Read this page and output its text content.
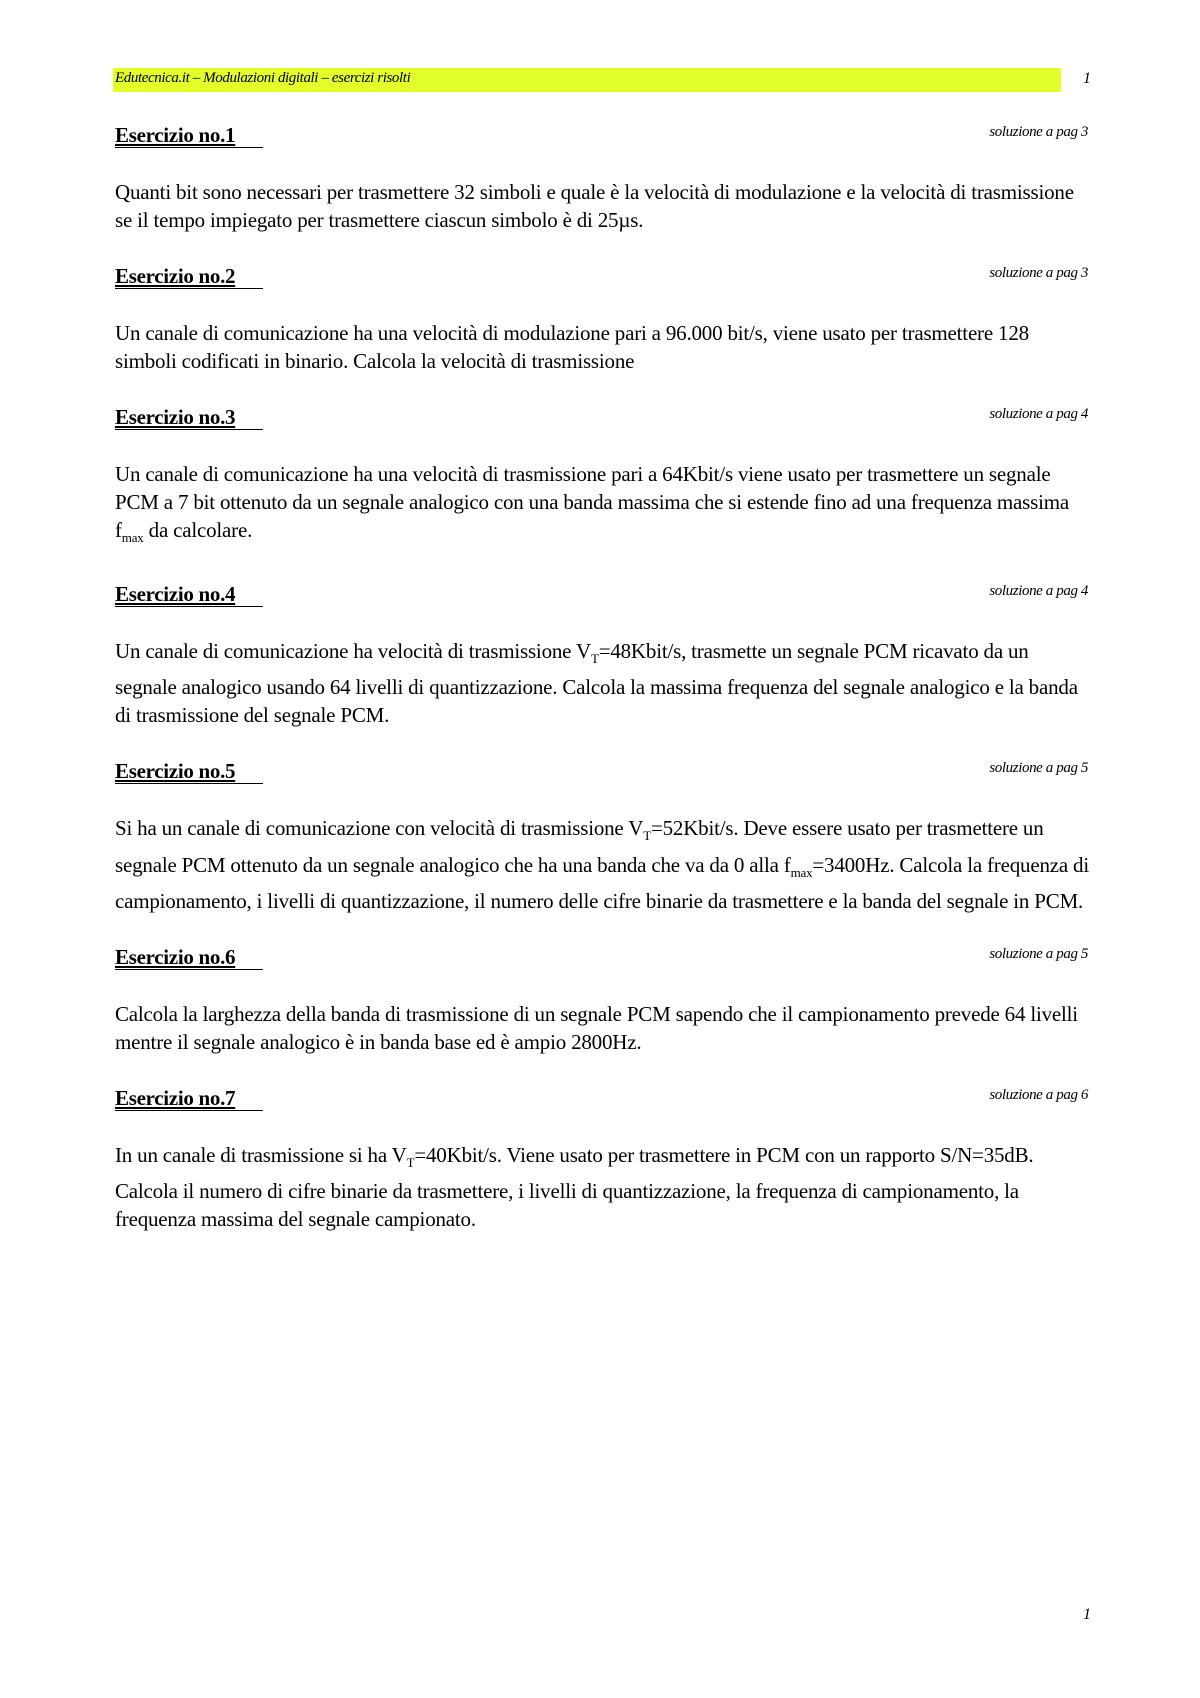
Edutecnica.it – Modulazioni digitali – esercizi risolti	1
Esercizio no.1	soluzione a pag 3

Quanti bit sono necessari per trasmettere 32 simboli e quale è la velocità di modulazione e la velocità di trasmissione se il tempo impiegato per trasmettere ciascun simbolo è di 25µs.

Esercizio no.2	soluzione a pag 3

Un canale di comunicazione ha una velocità di modulazione pari a 96.000 bit/s, viene usato per trasmettere 128 simboli codificati in binario. Calcola la velocità di trasmissione

Esercizio no.3	soluzione a pag 4

Un canale di comunicazione ha una velocità di trasmissione pari a 64Kbit/s viene usato per trasmettere un segnale PCM a 7 bit ottenuto da un segnale analogico con una banda massima che si estende fino ad una frequenza massima $f_{max}$ da calcolare.

Esercizio no.4	soluzione a pag 4

Un canale di comunicazione ha velocità di trasmissione $V_T=48Kbit/s$, trasmette un segnale PCM ricavato da un segnale analogico usando 64 livelli di quantizzazione. Calcola la massima frequenza del segnale analogico e la banda di trasmissione del segnale PCM.

Esercizio no.5	soluzione a pag 5

Si ha un canale di comunicazione con velocità di trasmissione $V_T=52Kbit/s$. Deve essere usato per trasmettere un segnale PCM ottenuto da un segnale analogico che ha una banda che va da 0 alla $f_{max}=3400Hz$. Calcola la frequenza di campionamento, i livelli di quantizzazione, il numero delle cifre binarie da trasmettere e la banda del segnale in PCM.

Esercizio no.6	soluzione a pag 5

Calcola la larghezza della banda di trasmissione di un segnale PCM sapendo che il campionamento prevede 64 livelli mentre il segnale analogico è in banda base ed è ampio 2800Hz.

Esercizio no.7	soluzione a pag 6

In un canale di trasmissione si ha $V_T=40Kbit/s$. Viene usato per trasmettere in PCM con un rapporto S/N=35dB. Calcola il numero di cifre binarie da trasmettere, i livelli di quantizzazione, la frequenza di campionamento, la frequenza massima del segnale campionato.

1
